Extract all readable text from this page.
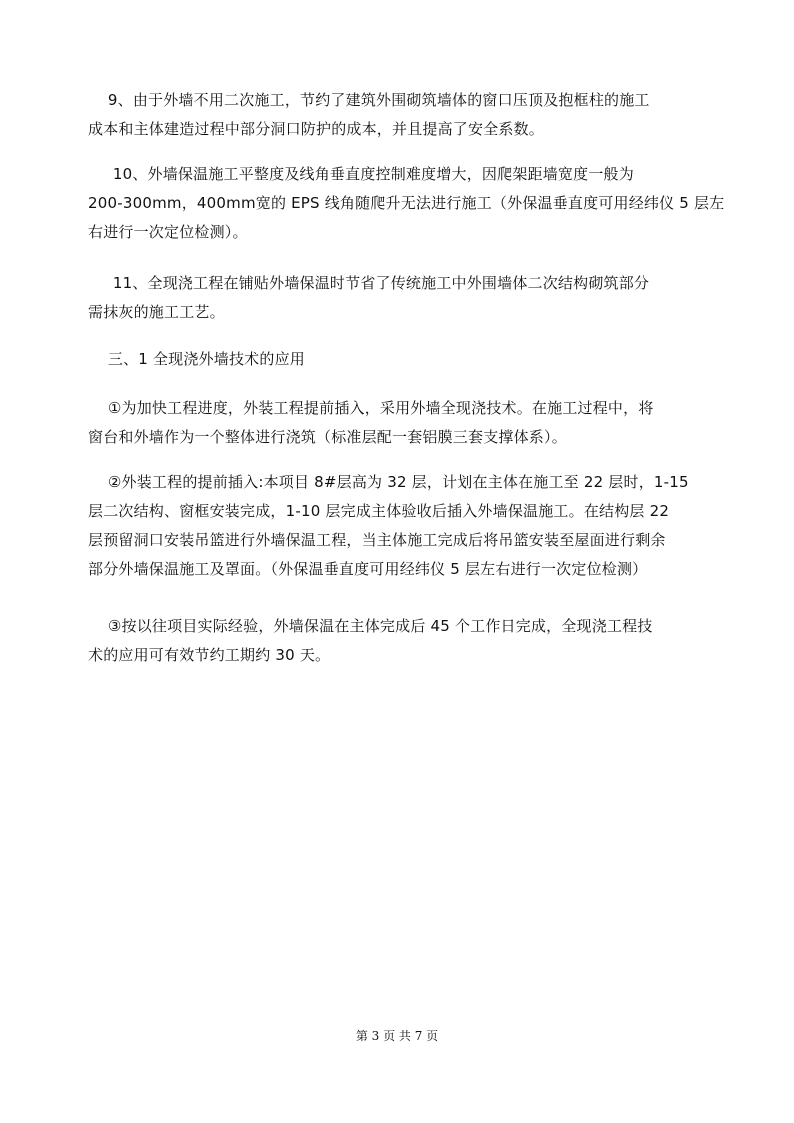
9、由于外墙不用二次施工，节约了建筑外围砌筑墙体的窗口压顶及抱框柱的施工
成本和主体建造过程中部分洞口防护的成本，并且提高了安全系数。
10、外墙保温施工平整度及线角垂直度控制难度增大，因爬架距墙宽度一般为
200-300mm，400mm宽的 EPS 线角随爬升无法进行施工（外保温垂直度可用经纬仪 5 层左
右进行一次定位检测）。
11、全现浇工程在铺贴外墙保温时节省了传统施工中外围墙体二次结构砌筑部分
需抹灰的施工工艺。
三、1 全现浇外墙技术的应用
①为加快工程进度，外装工程提前插入，采用外墙全现浇技术。在施工过程中，将
窗台和外墙作为一个整体进行浇筑（标准层配一套铝膜三套支撑体系）。
②外装工程的提前插入:本项目 8#层高为 32 层，计划在主体在施工至 22 层时，1-15
层二次结构、窗框安装完成，1-10 层完成主体验收后插入外墙保温施工。在结构层 22
层预留洞口安装吊篮进行外墙保温工程，当主体施工完成后将吊篮安装至屋面进行剩余
部分外墙保温施工及罩面。（外保温垂直度可用经纬仪 5 层左右进行一次定位检测）
③按以往项目实际经验，外墙保温在主体完成后 45 个工作日完成，全现浇工程技
术的应用可有效节约工期约 30 天。
第 3 页 共 7 页
